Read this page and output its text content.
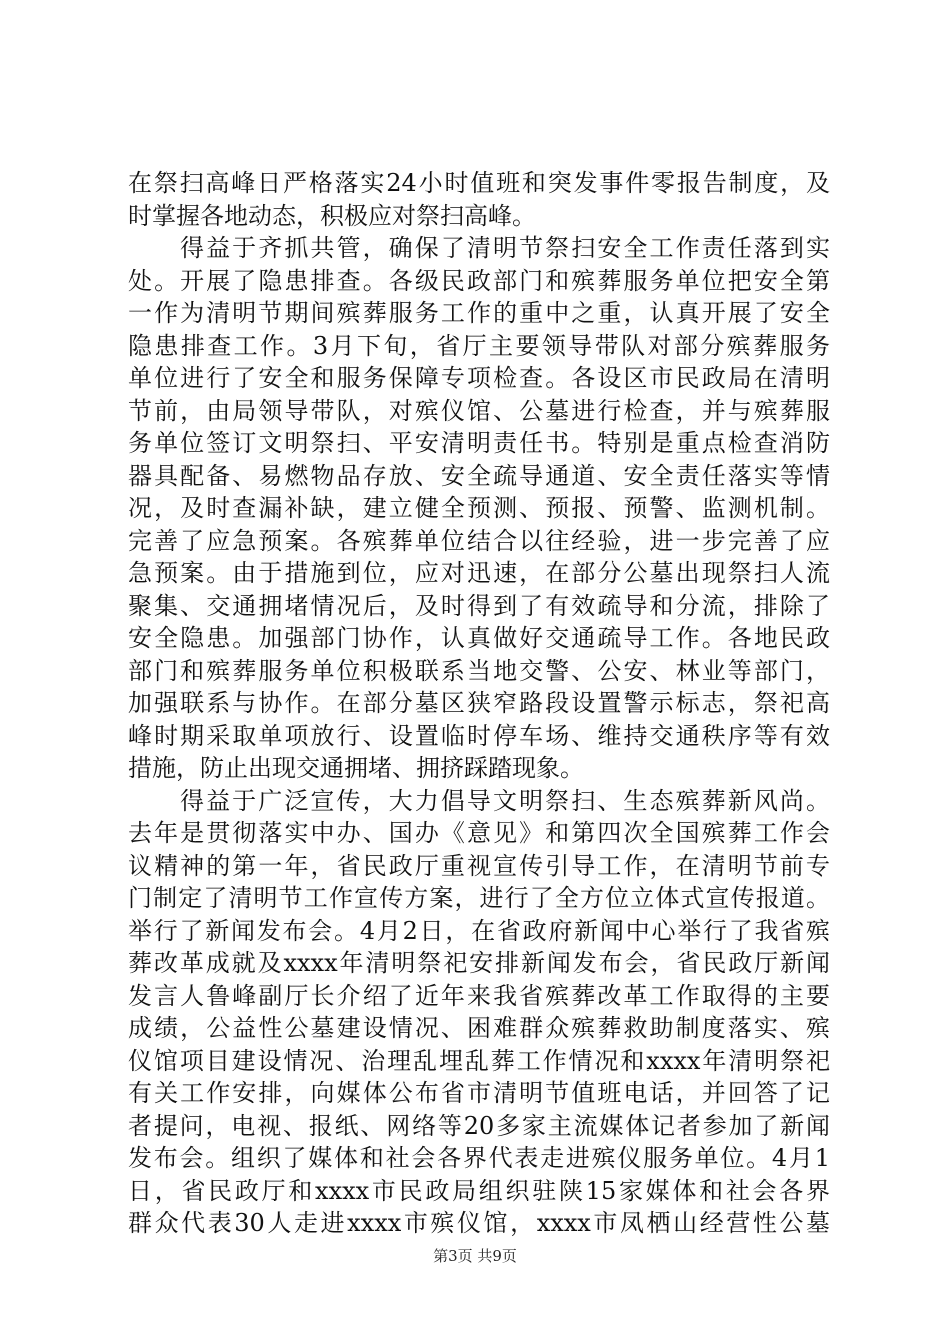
在祭扫高峰日严格落实24小时值班和突发事件零报告制度，及
时掌握各地动态，积极应对祭扫高峰。
得益于齐抓共管，确保了清明节祭扫安全工作责任落到实
处。开展了隐患排查。各级民政部门和殡葬服务单位把安全第
一作为清明节期间殡葬服务工作的重中之重，认真开展了安全
隐患排查工作。3月下旬，省厅主要领导带队对部分殡葬服务
单位进行了安全和服务保障专项检查。各设区市民政局在清明
节前，由局领导带队，对殡仪馆、公墓进行检查，并与殡葬服
务单位签订文明祭扫、平安清明责任书。特别是重点检查消防
器具配备、易燃物品存放、安全疏导通道、安全责任落实等情
况，及时查漏补缺，建立健全预测、预报、预警、监测机制。
完善了应急预案。各殡葬单位结合以往经验，进一步完善了应
急预案。由于措施到位，应对迅速，在部分公墓出现祭扫人流
聚集、交通拥堵情况后，及时得到了有效疏导和分流，排除了
安全隐患。加强部门协作，认真做好交通疏导工作。各地民政
部门和殡葬服务单位积极联系当地交警、公安、林业等部门，
加强联系与协作。在部分墓区狭窄路段设置警示标志，祭祀高
峰时期采取单项放行、设置临时停车场、维持交通秩序等有效
措施，防止出现交通拥堵、拥挤踩踏现象。
得益于广泛宣传，大力倡导文明祭扫、生态殡葬新风尚。
去年是贯彻落实中办、国办《意见》和第四次全国殡葬工作会
议精神的第一年，省民政厅重视宣传引导工作，在清明节前专
门制定了清明节工作宣传方案，进行了全方位立体式宣传报道。
举行了新闻发布会。4月2日，在省政府新闻中心举行了我省殡
葬改革成就及xxxx年清明祭祀安排新闻发布会，省民政厅新闻
发言人鲁峰副厅长介绍了近年来我省殡葬改革工作取得的主要
成绩，公益性公墓建设情况、困难群众殡葬救助制度落实、殡
仪馆项目建设情况、治理乱埋乱葬工作情况和xxxx年清明祭祀
有关工作安排，向媒体公布省市清明节值班电话，并回答了记
者提问，电视、报纸、网络等20多家主流媒体记者参加了新闻
发布会。组织了媒体和社会各界代表走进殡仪服务单位。4月1
日，省民政厅和xxxx市民政局组织驻陕15家媒体和社会各界
群众代表30人走进xxxx市殡仪馆，xxxx市凤栖山经营性公墓
第3页 共9页
